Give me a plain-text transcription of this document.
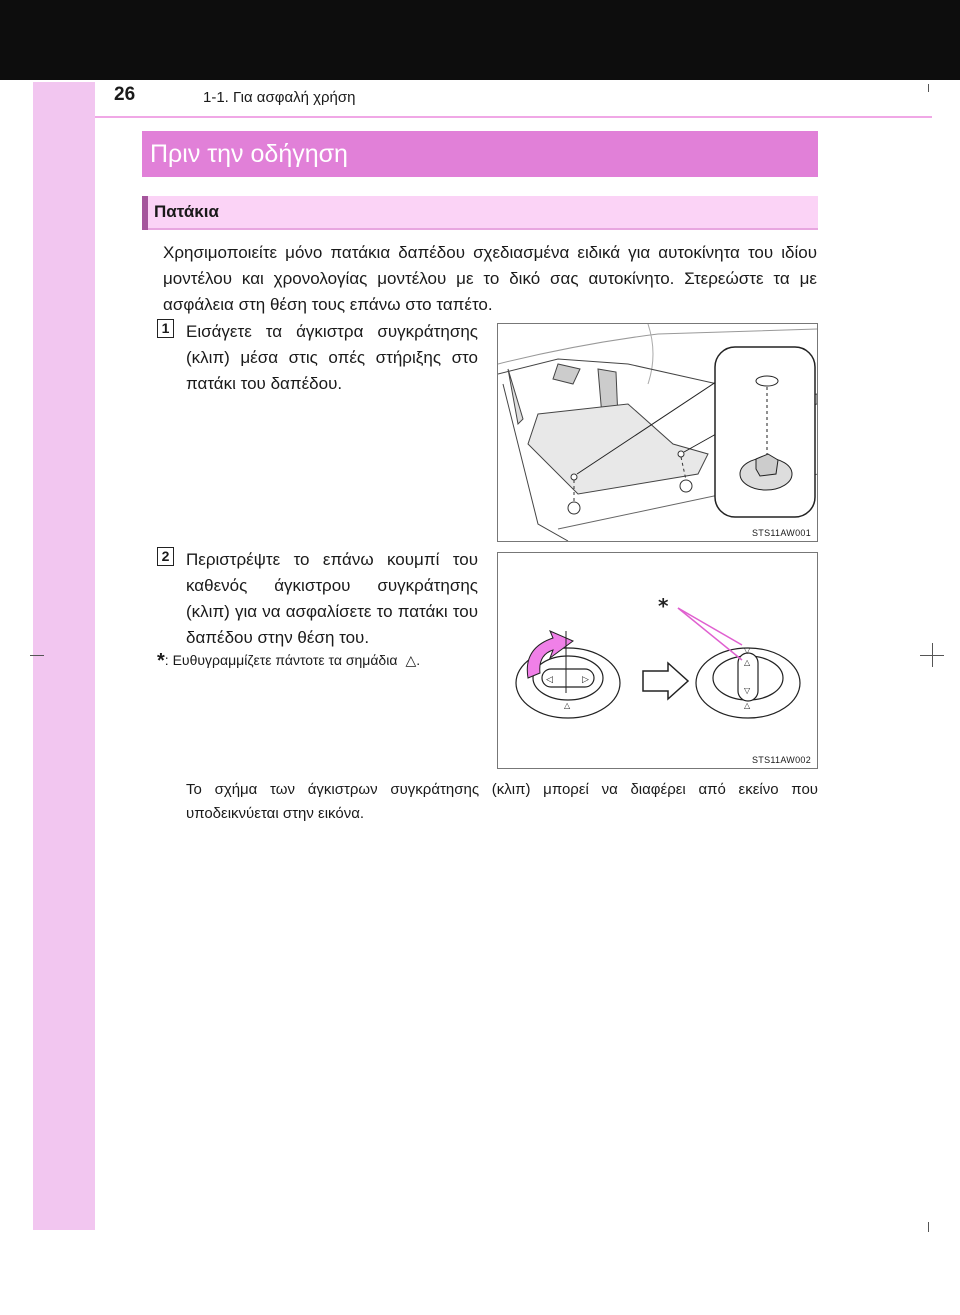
26	1-1. Για ασφαλή χρήση
Πριν την οδήγηση
Πατάκια
Χρησιμοποιείτε μόνο πατάκια δαπέδου σχεδιασμένα ειδικά για αυτοκίνητα του ιδίου μοντέλου και χρονολογίας μοντέλου με το δικό σας αυτοκίνητο. Στερεώστε τα με ασφάλεια στη θέση τους επάνω στο ταπέτο.
1 Εισάγετε τα άγκιστρα συγκράτησης (κλιπ) μέσα στις οπές στήριξης στο πατάκι του δαπέδου.
2 Περιστρέψτε το επάνω κουμπί του καθενός άγκιστρου συγκράτησης (κλιπ) για να ασφαλίσετε το πατάκι του δαπέδου στην θέση του.
*: Ευθυγραμμίζετε πάντοτε τα σημάδια △.
STS11AW001
◁	▷
△
▽
△
▽
△
*
STS11AW002
Το σχήμα των άγκιστρων συγκράτησης (κλιπ) μπορεί να διαφέρει από εκείνο που υποδεικνύεται στην εικόνα.
